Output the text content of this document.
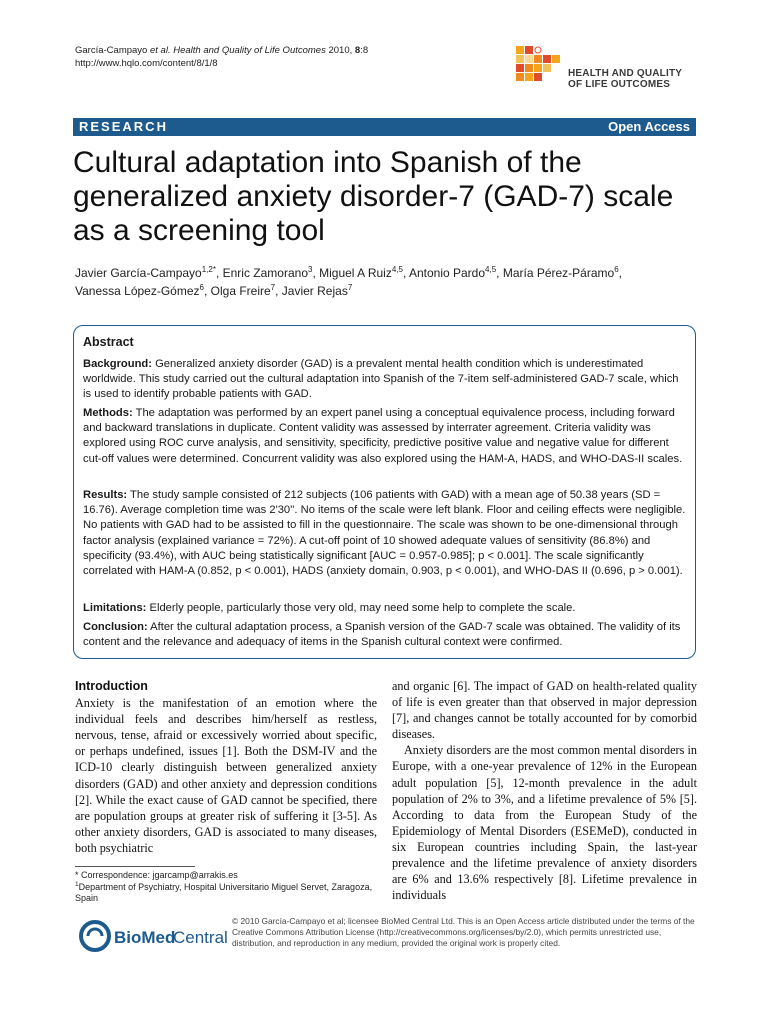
García-Campayo et al. Health and Quality of Life Outcomes 2010, 8:8
http://www.hqlo.com/content/8/1/8
HEALTH AND QUALITY
OF LIFE OUTCOMES
RESEARCH	Open Access
Cultural adaptation into Spanish of the generalized anxiety disorder-7 (GAD-7) scale as a screening tool
Javier García-Campayo$^{1,2*}$, Enric Zamorano$^3$, Miguel A Ruiz$^{4,5}$, Antonio Pardo$^{4,5}$, María Pérez-Páramo$^6$,
Vanessa López-Gómez$^6$, Olga Freire$^7$, Javier Rejas$^7$
Abstract
Background: Generalized anxiety disorder (GAD) is a prevalent mental health condition which is underestimated worldwide. This study carried out the cultural adaptation into Spanish of the 7-item self-administered GAD-7 scale, which is used to identify probable patients with GAD.
Methods: The adaptation was performed by an expert panel using a conceptual equivalence process, including forward and backward translations in duplicate. Content validity was assessed by interrater agreement. Criteria validity was explored using ROC curve analysis, and sensitivity, specificity, predictive positive value and negative value for different cut-off values were determined. Concurrent validity was also explored using the HAM-A, HADS, and WHO-DAS-II scales.
Results: The study sample consisted of 212 subjects (106 patients with GAD) with a mean age of 50.38 years (SD = 16.76). Average completion time was 2'30''. No items of the scale were left blank. Floor and ceiling effects were negligible. No patients with GAD had to be assisted to fill in the questionnaire. The scale was shown to be one-dimensional through factor analysis (explained variance = 72%). A cut-off point of 10 showed adequate values of sensitivity (86.8%) and specificity (93.4%), with AUC being statistically significant [AUC = 0.957-0.985]; p < 0.001]. The scale significantly correlated with HAM-A (0.852, p < 0.001), HADS (anxiety domain, 0.903, p < 0.001), and WHO-DAS II (0.696, p > 0.001).
Limitations: Elderly people, particularly those very old, may need some help to complete the scale.
Conclusion: After the cultural adaptation process, a Spanish version of the GAD-7 scale was obtained. The validity of its content and the relevance and adequacy of items in the Spanish cultural context were confirmed.
Introduction

Anxiety is the manifestation of an emotion where the individual feels and describes him/herself as restless, nervous, tense, afraid or excessively worried about specific, or perhaps undefined, issues [1]. Both the DSM-IV and the ICD-10 clearly distinguish between generalized anxiety disorders (GAD) and other anxiety and depression conditions [2]. While the exact cause of GAD cannot be specified, there are population groups at greater risk of suffering it [3-5]. As other anxiety disorders, GAD is associated to many diseases, both psychiatric

* Correspondence: jgarcamp@arrakis.es
$^1$Department of Psychiatry, Hospital Universitario Miguel Servet, Zaragoza, Spain

and organic [6]. The impact of GAD on health-related quality of life is even greater than that observed in major depression [7], and changes cannot be totally accounted for by comorbid diseases.

Anxiety disorders are the most common mental disorders in Europe, with a one-year prevalence of 12% in the European adult population [5], 12-month prevalence in the adult population of 2% to 3%, and a lifetime prevalence of 5% [5]. According to data from the European Study of the Epidemiology of Mental Disorders (ESEMeD), conducted in six European countries including Spain, the last-year prevalence and the lifetime prevalence of anxiety disorders are 6% and 13.6% respectively [8]. Lifetime prevalence in individuals

BioMed
Central
© 2010 García-Campayo et al; licensee BioMed Central Ltd. This is an Open Access article distributed under the terms of the Creative Commons Attribution License (http://creativecommons.org/licenses/by/2.0), which permits unrestricted use, distribution, and reproduction in any medium, provided the original work is properly cited.
